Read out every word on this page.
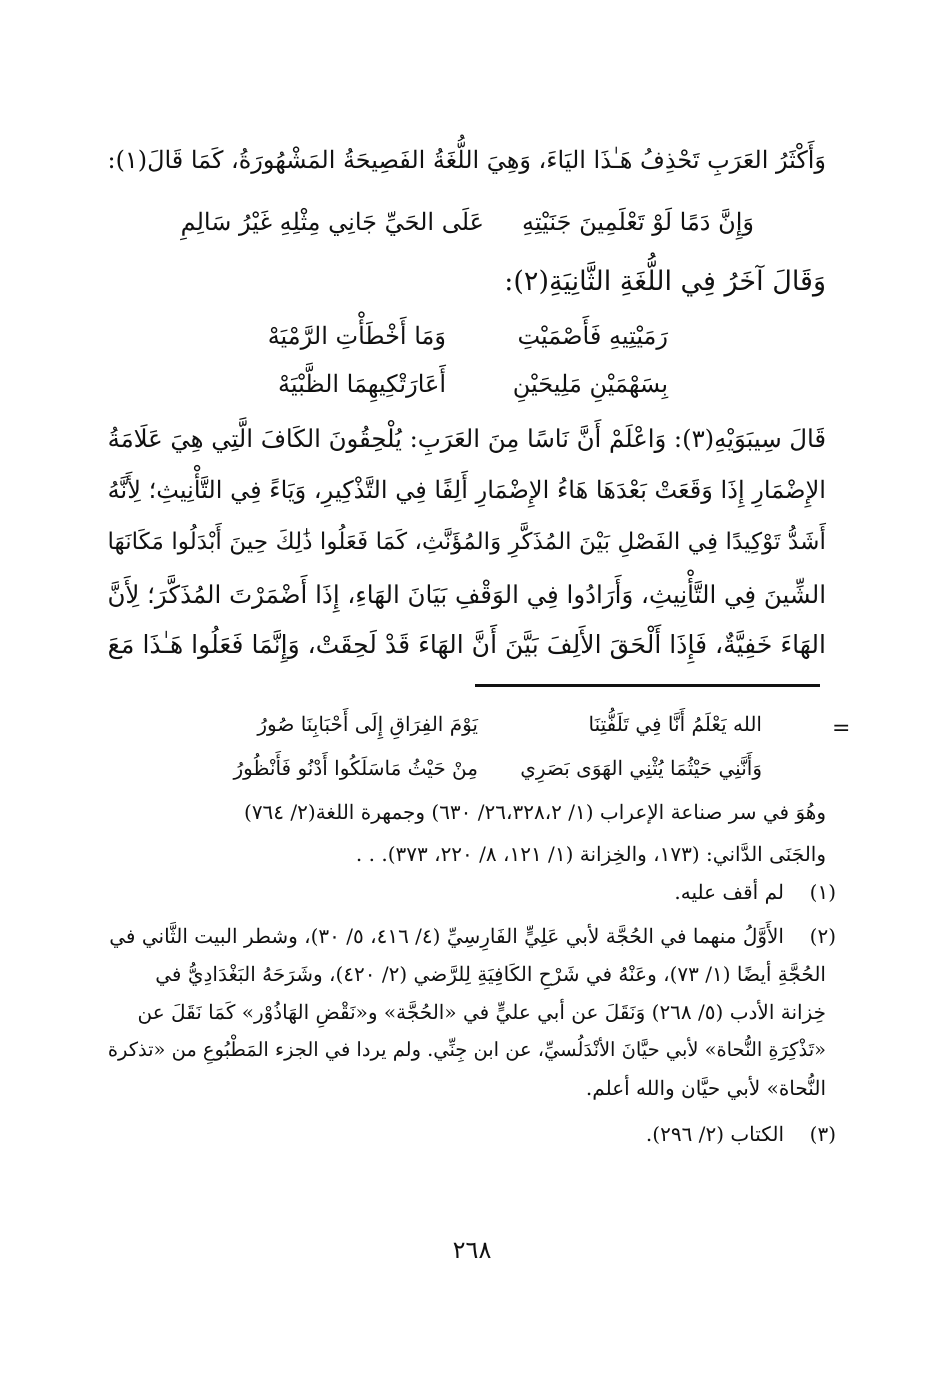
وَأَكْثَرُ العَرَبِ تَحْذِفُ هَـٰذَا اليَاءَ، وَهِيَ اللُّغَةُ الفَصِيحَةُ المَشْهُورَةُ، كَمَا قَالَ(١):
وَإِنَّ دَمًا لَوْ تَعْلَمِينَ جَنَيْتِهِ
عَلَى الحَيِّ جَانِي مِثْلِهِ غَيْرُ سَالِمِ
وَقَالَ آخَرُ فِي اللُّغَةِ الثَّانِيَةِ(٢):
رَمَيْتِيهِ فَأَصْمَيْتِ
وَمَا أَخْطَأْتِ الرَّمْيَهْ
بِسَهْمَيْنِ مَلِيحَيْنِ
أَعَارَتْكِيهِمَا الظَّبْيَهْ
قَالَ سِيبَوَيْهِ(٣): وَاعْلَمْ أَنَّ نَاسًا مِنَ العَرَبِ: يُلْحِقُونَ الكَافَ الَّتِي هِيَ عَلَامَةُ
الإِضْمَارِ إِذَا وَقَعَتْ بَعْدَهَا هَاءُ الإِضْمَارِ أَلِفًا فِي التَّذْكِيرِ، وَيَاءً فِي التَّأْنِيثِ؛ لِأَنَّهُ
أَشَدُّ تَوْكِيدًا فِي الفَصْلِ بَيْنَ المُذَكَّرِ وَالمُؤَنَّثِ، كَمَا فَعَلُوا ذَٰلِكَ حِينَ أَبْدَلُوا مَكَانَهَا
الشِّينَ فِي التَّأْنِيثِ، وَأَرَادُوا فِي الوَقْفِ بَيَانَ الهَاءِ، إِذَا أَضْمَرْتَ المُذَكَّرَ؛ لِأَنَّ
الهَاءَ خَفِيَّةٌ، فَإِذَا أَلْحَقَ الأَلِفَ بَيَّنَ أَنَّ الهَاءَ قَدْ لَحِقَتْ، وَإِنَّمَا فَعَلُوا هَـٰذَا مَعَ
=
الله يَعْلَمُ أَنَّا فِي تَلَفُّتِنَا
يَوْمَ الفِرَاقِ إِلَى أَحْبَابِنَا صُورُ
وَأَنَّنِي حَيْثُمَا يُثْنِي الهَوَى بَصَرِي
مِنْ حَيْثُ مَاسَلَكُوا أَدْنُو فَأَنْظُورُ
وهُوَ في سر صناعة الإعراب (١/ ٢٦،٣٢٨،٢/ ٦٣٠) وجمهرة اللغة(٢/ ٧٦٤)
والجَنَى الدَّاني: (١٧٣، والخِزانة (١/ ١٢١، ٨/ ٢٢٠، ٣٧٣). . .
(١)
لم أقف عليه.
(٢)
الأَوَّلُ منهما في الحُجَّة لأبي عَلِيٍّ الفَارِسِيِّ (٤/ ٤١٦، ٥/ ٣٠)، وشطر البيت الثَّاني في
الحُجَّةِ أيضًا (١/ ٧٣)، وعَنْهُ في شَرْحِ الكَافِيَةِ لِلرَّضي (٢/ ٤٢٠)، وشَرَحَهُ البَغْدَادِيُّ في
خِزانة الأدب (٥/ ٢٦٨) وَنَقَلَ عن أبي عليٍّ في «الحُجَّة» و«نَقْضِ الهَاذُوْر» كَمَا نَقَلَ عن
«تَذْكِرَةِ النُّحاة» لأبي حيَّانَ الأنْدَلُسيِّ، عن ابن جِنِّي. ولم يردا في الجزء المَطْبُوعِ من «تذكرة
النُّحاة» لأبي حيَّان والله أعلم.
(٣)
الكتاب (٢/ ٢٩٦).
٢٦٨
